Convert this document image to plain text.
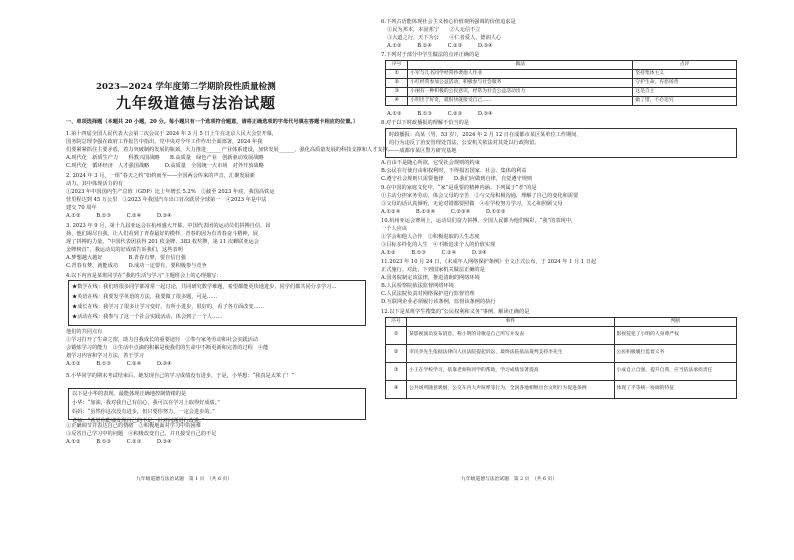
2023—2024 学年度第二学期阶段性质量检测
九年级道德与法治试题
一、单项选择题（本题共 20 小题，20 分。每小题只有一个选项符合题意，请将正确选项的字母代号填在答题卡相应的位置。）
1.第十四届全国人民代表大会第二次会议于 2024 年 3 月 5 日上午在北京人民大会堂开幕，
国务院总理李强在政府工作报告中指出，党中央对今年工作作出全面部署，2024 年我
们要紧紧抓住主要矛盾，着力突破制约发展的瓶颈，大力推进______产业体系建设，加快发展______，强化高质量发展的科技支撑和人才支撑。
A.现代化　新质生产力　　科教兴国战略　　B.高质量　绿色产业　创新驱动发展战略
C.现代化　循环经济　人才强国战略　　　D.高质量　全国统一大市场　对外开放战略
2. 2024 年 3 月，一组“春天之约”如约而至——全国两会传来的声音，汇聚发展新
动力。其中体现活力的有
①2023 年中国国内生产总值（GDP）比上年增长 5.2%　②截至 2023 年底，我国高铁运
营里程达到 45 万公里　③2023 年我国汽车出口首次跃居全球第一　④2023 年是中法
建交 70 周年
A.①②　　　B.①③　　　C.②④　　　D.③④
3. 2023 年 9 月，第十九届亚运会在杭州盛大开幕。中国代表团的运动员们拼搏自信、昂
扬，他们竭尽自我，让人们看到了青春最好的模样，青春的因为有青春奋斗精神，展
现了拼搏的力量。“中国代表团获得 201 枚金牌、383 枚奖牌，第 11 次蝉联亚运会
金牌榜首”，我运动员的好成绩告诉我们，这些表明
A.梦想越大越好　　　　　B.青春有梦，要自信自强
C.青春有梦，就能成功　　D.成功一定要有，要积极参与竞争
4.以下内容是某班同学在“我的生活与学习”主题班会上的心理描写：
★数学在线：我们班很多同学都常常一起讨论，共同研究数学难题，希望都能更快地进步，同学们都共同分享学习…
★英语在线：我要发学英语的方法，我要做了很多题，可是……
★成长在线：我学习了很多让学习变好，有所小进步，很好的，看了各方面改变……
★活动在线：我参与了这一个社会实践活动，体会到了一个人……
他们的共同点有
①学习打开了生命之窗，助力自我成长的重要途径　②参与家务劳动和社会实践活动
会锻炼学习的能力　③生活中点滴的积累是使我们的生命中不断更新和完善的过程　④能
划学习内容和学习方法，善于学习
A.①②　　　B.①③　　　C.②④　　　D.③④
5.小华同学的期末考试结束后，她发现自己的学习成绩没有进步，于是，小华想：“我真是太笨了！”
以下是小华的表现，最能体现正确地控制情绪的是
小华：“加油，我对我自己有信心，我可以在学习上取得好成绩。”
妈妈：“虽然你这次没有进步，但只要你努力，一定会进步的。”
老师：“希望你能够发现自己的不足，针对问题进行改进。”
①正确调节并表达自己的情绪　②积极地面对学习中的困难
③反省自己学习中的问题　④积极改变自己，并且接受自己的不足
A.①②　　　B.①③　　　C.②③　　　D.③④
九年级道德与法治试题　第 1 页　（共 6 页）
6.下列古语能体现社会主义核心价值观所强调的价值追求是
①民为邦本，本固邦宁　　②人无信不立
③大道之行，天下为公　　④仁者爱人，德润人心
A.①②　　　B.①④　　　C.②③　　　D.③④
7.下列对于部分中学生做法的点评正确的是
序号	做法	点评
①	小军与几名同学经常抄袭他人作业	坚持集体主义
②	小红经常参加公益活动，积极参与社会服务	守护生命，弃恶扬善
③	小丽有一种积极的公民意识，经常为社会公益活动出力	这是自主
④	小明出于好奇，就很快就接受自己……	做了错，不必追究
A.①②　　　B.①③　　　C.②③　　　D.③④
8.对于以下时政播报的理解不恰当的是
时政播报：高某（男，53 岁），2024 年 2 月 12 日在成都市某区某单位工作期间，
的行为违反了治安管理处罚法，公安机关依法对其处以行政拘留。
——成都市某区警方研究基地
A.自由不是随心所欲，它受社会规则的约束
B.公民在行使自由和权利时，不得损害国家、社会、集体的利益
C.遵守社会规则只需要他律　　D.我们应做到自律，自觉遵守规则
9.在中国的家庭文化中，“家”是重要的精神内涵。下列属于“孝”的是
①主动分担家务劳动，体会父母的辛苦　②与父母积极沟通，理解了自己的变化和需要
③父母的话认真倾听，无论对错都要照做　④在学校努力学习，关心和照顾父母
A.①②④　　　B.①③④　　　C.②③④　　　D.①②③
10.杭州亚运会赛场上，运动员们奋力拼搏。全国人民都为他们喝彩，“我”的表现中，
一个人应该
①学会和他人合作　②积极进取的人生态度
③目标多样化的人生　④不断追求个人的价值实现
A.①②　　　B.①③　　　C.②④　　　D.③④
11.2023 年 10 月 24 日，《未成年人网络保护条例》全文正式公布，于 2024 年 1 月 1 日起
正式施行。对此，下列国家机关做法正确的是
A.国务院制定该法律，推进清朗的网络环境
B.人民检察院依法监督网络环境
C.人民法院负责对网络保护进行监督管理
D.互联网企业必须履行该条例，监督该条例的执行
12.以下是某班学生搜集的“公民权利和义务”事例，解读正确的是
序号	事件	判断
①	某影视演员发布消息，称小明的诗歌是自己所写并发表	影视侵犯了小明的人身尊严权
②	市民李先生依据法律向人民法院提起诉讼，最终法院依法裁判支持李先生	公民积极履行监督义务
③	小王在学校学习，依靠老师和同学的帮助，学习成绩显著提高	小成自立自强，提升自我，应当依法承担责任
④	公共场所随意吸烟，公交车内大声喧哗等行为，全国各地相继出台文明行为促进条例	体现了平等统一协调的特征
九年级道德与法治试题　第 2 页　（共 6 页）
